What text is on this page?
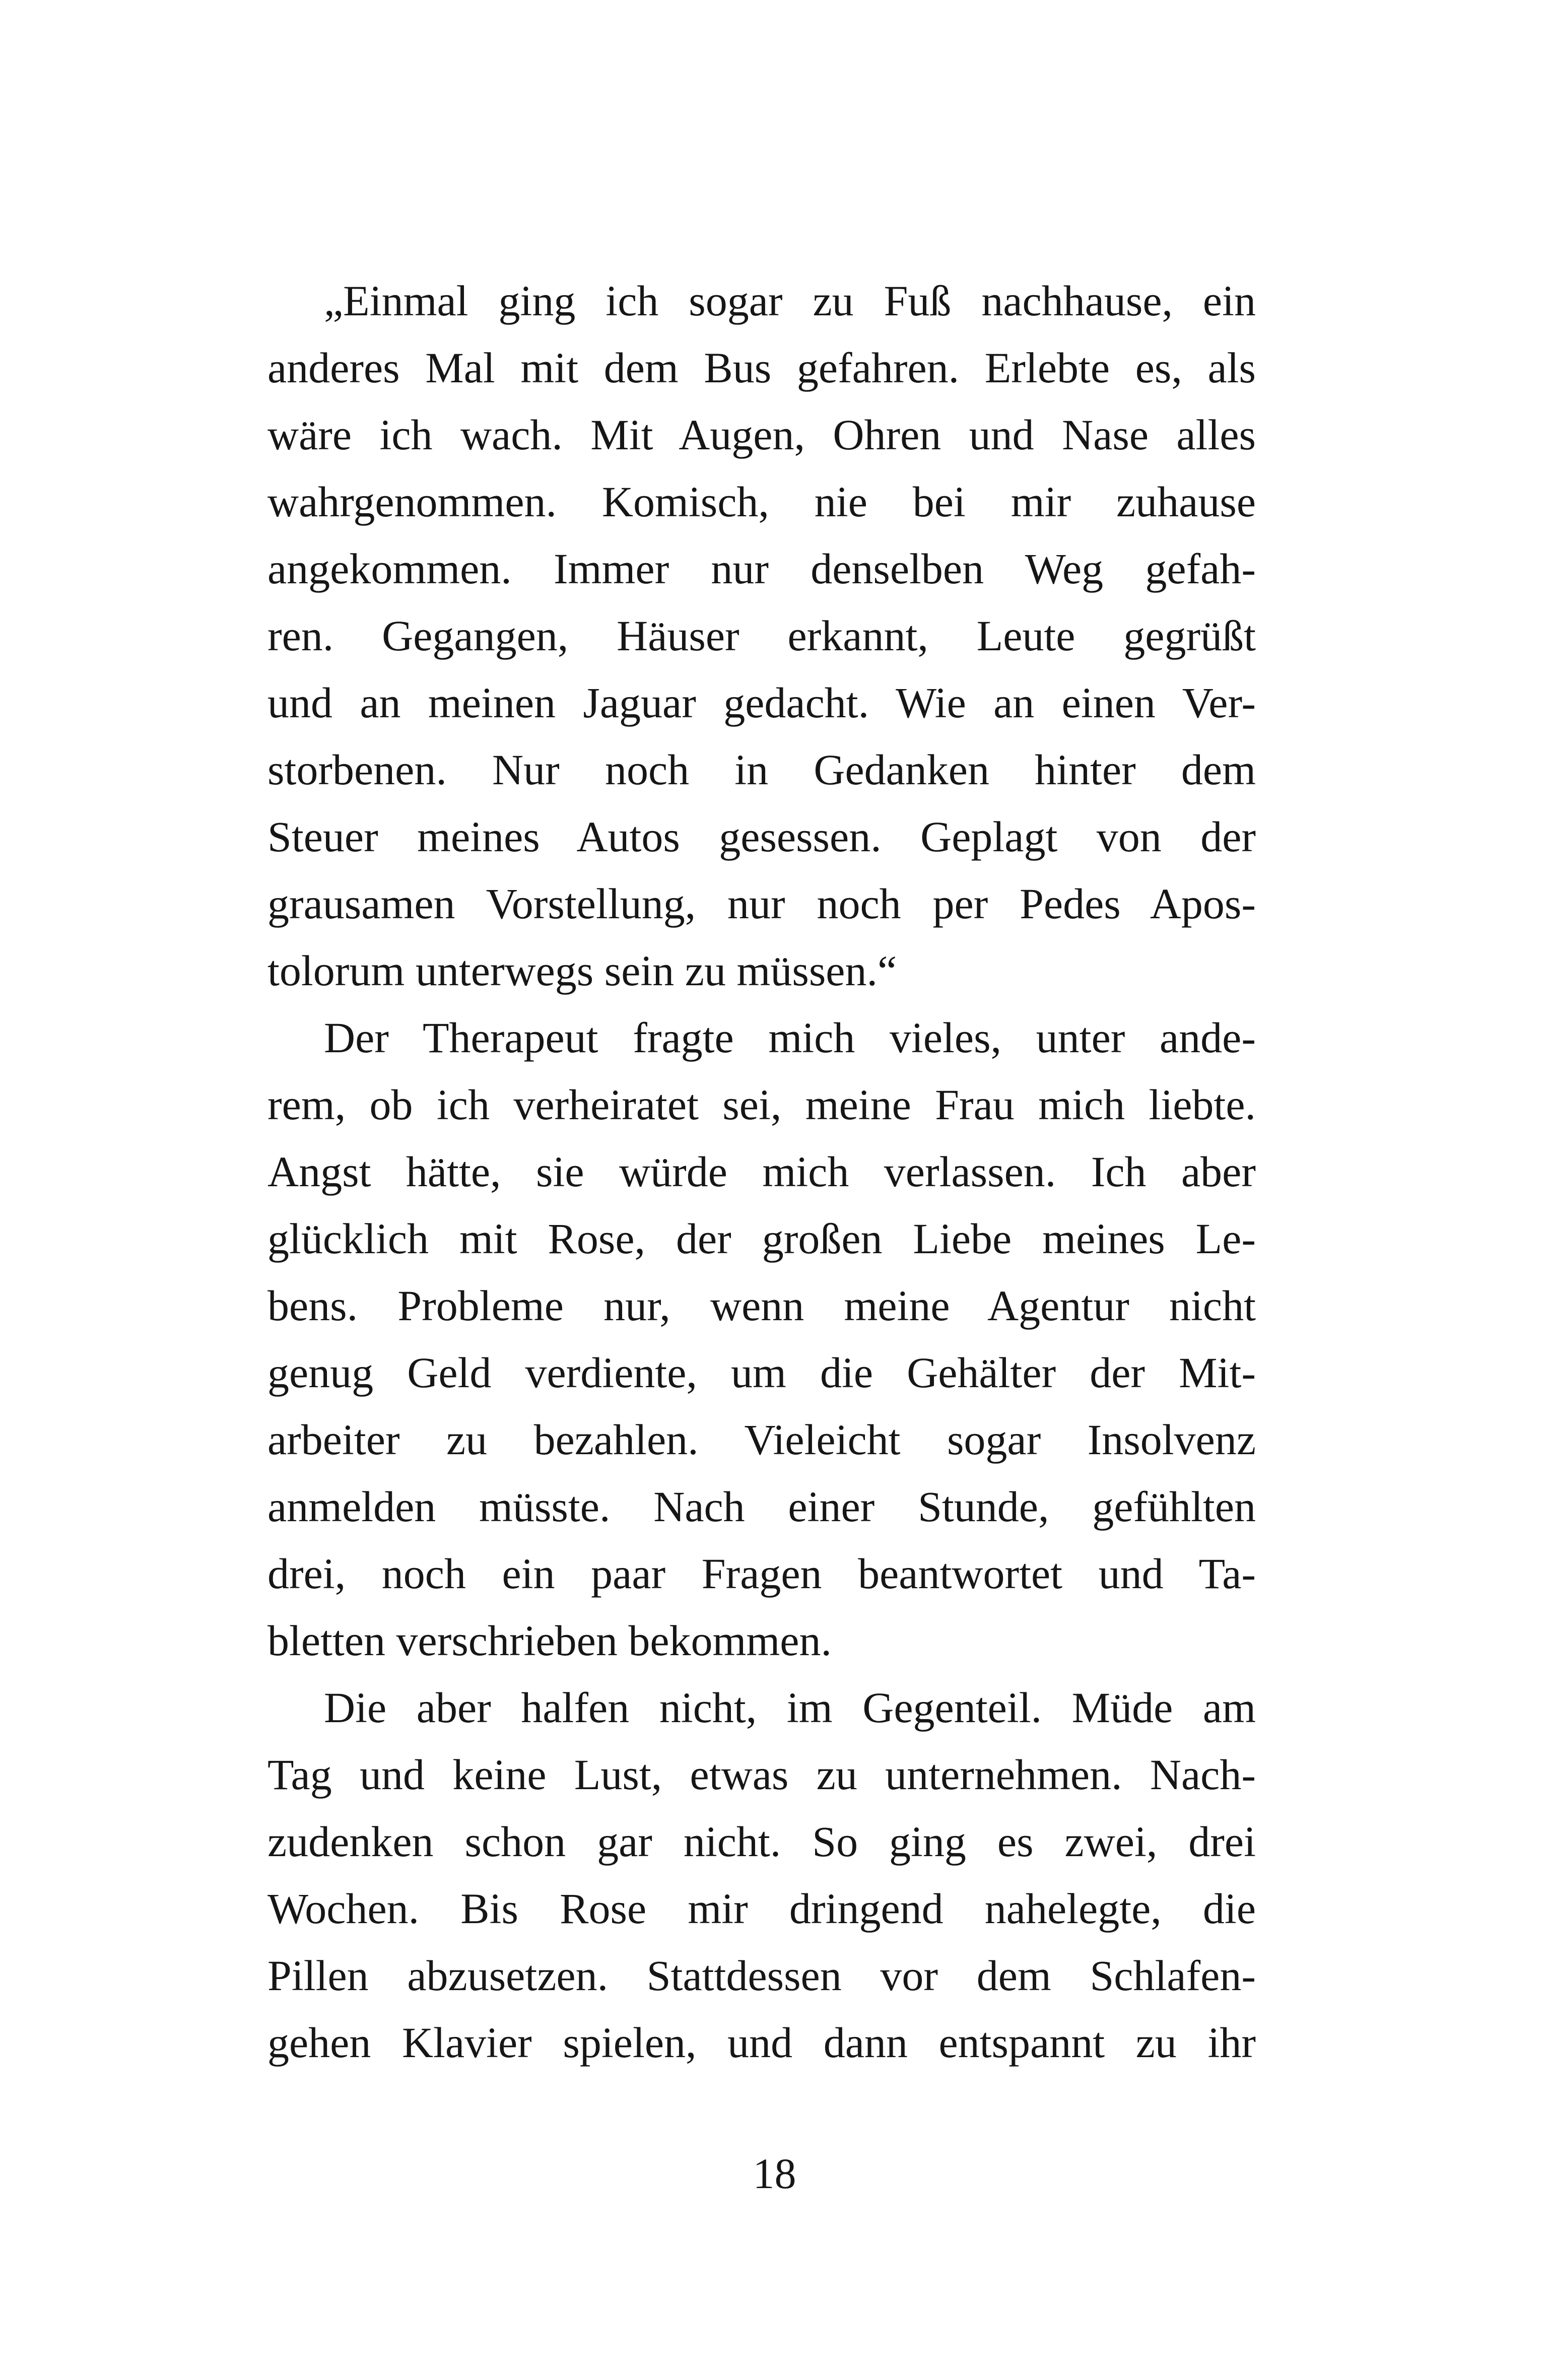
„Einmal ging ich sogar zu Fuß nachhause, ein
anderes Mal mit dem Bus gefahren. Erlebte es, als
wäre ich wach. Mit Augen, Ohren und Nase alles
wahrgenommen. Komisch, nie bei mir zuhause
angekommen. Immer nur denselben Weg gefah-
ren. Gegangen, Häuser erkannt, Leute gegrüßt
und an meinen Jaguar gedacht. Wie an einen Ver-
storbenen. Nur noch in Gedanken hinter dem
Steuer meines Autos gesessen. Geplagt von der
grausamen Vorstellung, nur noch per Pedes Apos-
tolorum unterwegs sein zu müssen.“
Der Therapeut fragte mich vieles, unter ande-
rem, ob ich verheiratet sei, meine Frau mich liebte.
Angst hätte, sie würde mich verlassen. Ich aber
glücklich mit Rose, der großen Liebe meines Le-
bens. Probleme nur, wenn meine Agentur nicht
genug Geld verdiente, um die Gehälter der Mit-
arbeiter zu bezahlen. Vieleicht sogar Insolvenz
anmelden müsste. Nach einer Stunde, gefühlten
drei, noch ein paar Fragen beantwortet und Ta-
bletten verschrieben bekommen.
Die aber halfen nicht, im Gegenteil. Müde am
Tag und keine Lust, etwas zu unternehmen. Nach-
zudenken schon gar nicht. So ging es zwei, drei
Wochen. Bis Rose mir dringend nahelegte, die
Pillen abzusetzen. Stattdessen vor dem Schlafen-
gehen Klavier spielen, und dann entspannt zu ihr
18
